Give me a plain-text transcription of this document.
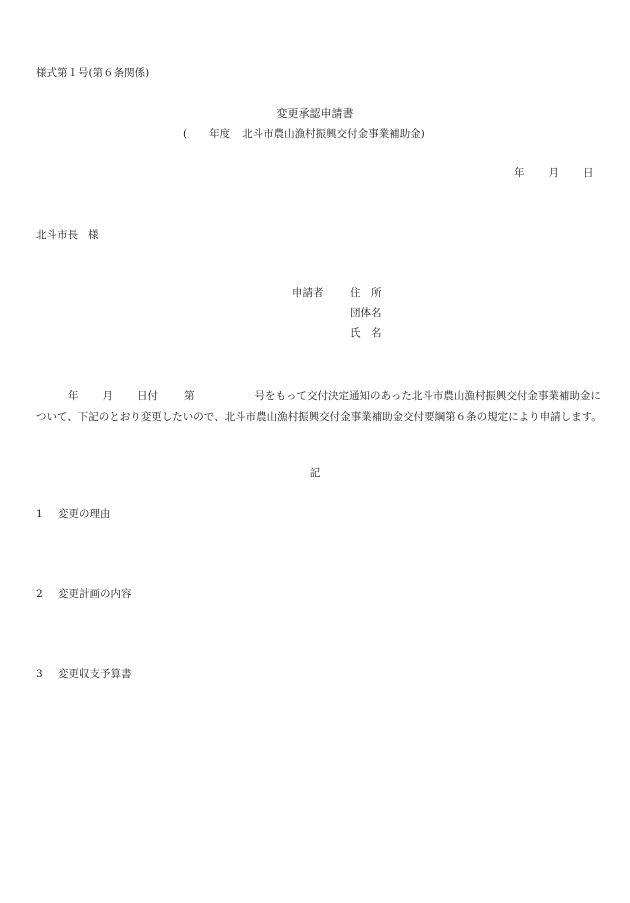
様式第１号(第６条関係)
変更承認申請書
( 年度 北斗市農山漁村振興交付金事業補助金)
年 月 日
北斗市長 様
申請者	住　所
団体名
氏　名
年 月 日付 第	号をもって交付決定通知のあった北斗市農山漁村振興交付金事業補助金について、下記のとおり変更したいので、北斗市農山漁村振興交付金事業補助金交付要綱第６条の規定により申請します。
記
1 変更の理由
2 変更計画の内容
3 変更収支予算書
